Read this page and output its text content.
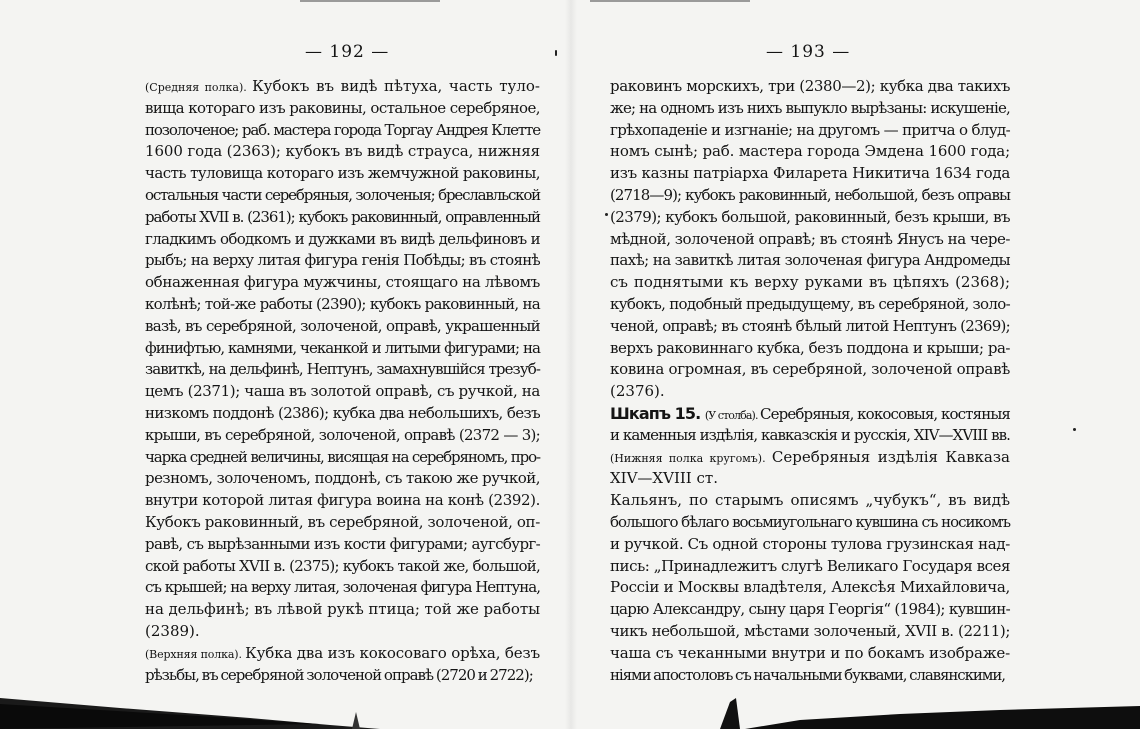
— 192 —
(Средняя полка). Кубокъ въ видѣ пѣтуха, часть туло-
вища котораго изъ раковины, остальное серебряное,
позолоченое; раб. мастера города Торгау Андрея Клетте
1600 года (2363); кубокъ въ видѣ страуса, нижняя
часть туловища котораго изъ жемчужной раковины,
остальныя части серебряныя, золоченыя; бреславльской
работы XVII в. (2361); кубокъ раковинный, оправленный
гладкимъ ободкомъ и дужками въ видѣ дельфиновъ и
рыбъ; на верху литая фигура генія Побѣды; въ стоянѣ
обнаженная фигура мужчины, стоящаго на лѣвомъ
колѣнѣ; той-же работы (2390); кубокъ раковинный, на
вазѣ, въ серебряной, золоченой, оправѣ, украшенный
финифтью, камнями, чеканкой и литыми фигурами; на
завиткѣ, на дельфинѣ, Нептунъ, замахнувшійся трезуб-
цемъ (2371); чаша въ золотой оправѣ, съ ручкой, на
низкомъ поддонѣ (2386); кубка два небольшихъ, безъ
крыши, въ серебряной, золоченой, оправѣ (2372 — 3);
чарка средней величины, висящая на серебряномъ, про-
резномъ, золоченомъ, поддонѣ, съ такою же ручкой,
внутри которой литая фигура воина на конѣ (2392).
Кубокъ раковинный, въ серебряной, золоченой, оп-
равѣ, съ вырѣзанными изъ кости фигурами; аугсбург-
ской работы XVII в. (2375); кубокъ такой же, большой,
съ крышей; на верху литая, золоченая фигура Нептуна,
на дельфинѣ; въ лѣвой рукѣ птица; той же работы
(2389).
(Верхняя полка). Кубка два изъ кокосоваго орѣха, безъ
рѣзьбы, въ серебряной золоченой оправѣ (2720 и 2722);
— 193 —
раковинъ морскихъ, три (2380—2); кубка два такихъ
же; на одномъ изъ нихъ выпукло вырѣзаны: искушеніе,
грѣхопаденіе и изгнаніе; на другомъ — притча о блуд-
номъ сынѣ; раб. мастера города Эмдена 1600 года;
изъ казны патріарха Филарета Никитича 1634 года
(2718—9); кубокъ раковинный, небольшой, безъ оправы
(2379); кубокъ большой, раковинный, безъ крыши, въ
мѣдной, золоченой оправѣ; въ стоянѣ Янусъ на чере-
пахѣ; на завиткѣ литая золоченая фигура Андромеды
съ поднятыми къ верху руками въ цѣпяхъ (2368);
кубокъ, подобный предыдущему, въ серебряной, золо-
ченой, оправѣ; въ стоянѣ бѣлый литой Нептунъ (2369);
верхъ раковиннаго кубка, безъ поддона и крыши; ра-
ковина огромная, въ серебряной, золоченой оправѣ
(2376).
Шкапъ 15. (У столба). Серебряныя, кокосовыя, костяныя
и каменныя издѣлія, кавказскія и русскія, XIV—XVIII вв.
(Нижняя полка кругомъ). Серебряныя издѣлія Кавказа
XIV—XVIII ст.
Кальянъ, по старымъ описямъ „чубукъ“, въ видѣ
большого бѣлаго восьмиугольнаго кувшина съ носикомъ
и ручкой. Съ одной стороны тулова грузинская над-
пись: „Принадлежитъ слугѣ Великаго Государя всея
Россіи и Москвы владѣтеля, Алексѣя Михайловича,
царю Александру, сыну царя Георгія“ (1984); кувшин-
чикъ небольшой, мѣстами золоченый, XVII в. (2211);
чаша съ чеканными внутри и по бокамъ изображе-
ніями апостоловъ съ начальными буквами, славянскими,
